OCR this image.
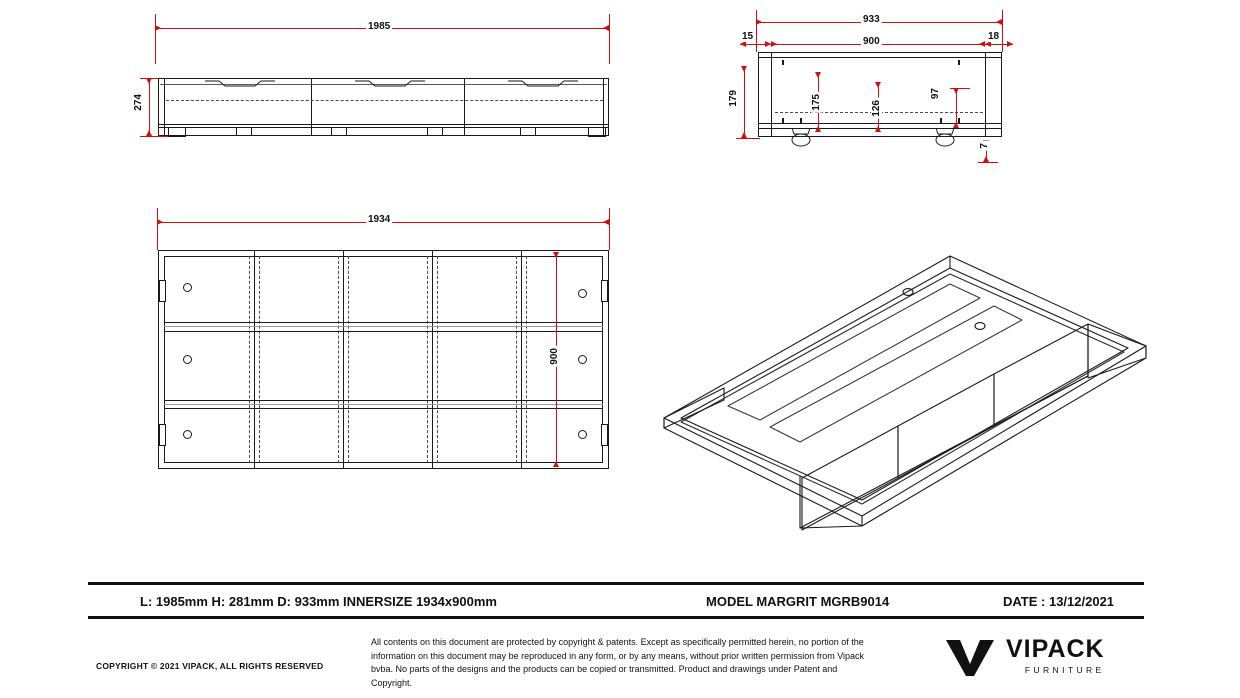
1985
274
933
900
15	18
179	175	126
97
7
1934
900
L: 1985mm H: 281mm D: 933mm INNERSIZE 1934x900mm	MODEL MARGRIT MGRB9014	DATE : 13/12/2021
COPYRIGHT © 2021 VIPACK, ALL RIGHTS RESERVED
All contents on this document are protected by copyright & patents. Except as specifically permitted herein, no portion of the information on this document may be reproduced in any form, or by any means, without prior written permission from Vipack bvba. No parts of the designs and the products can be copied or transmitted. Product and drawings under Patent and Copyright.
VIPACK
FURNITURE
